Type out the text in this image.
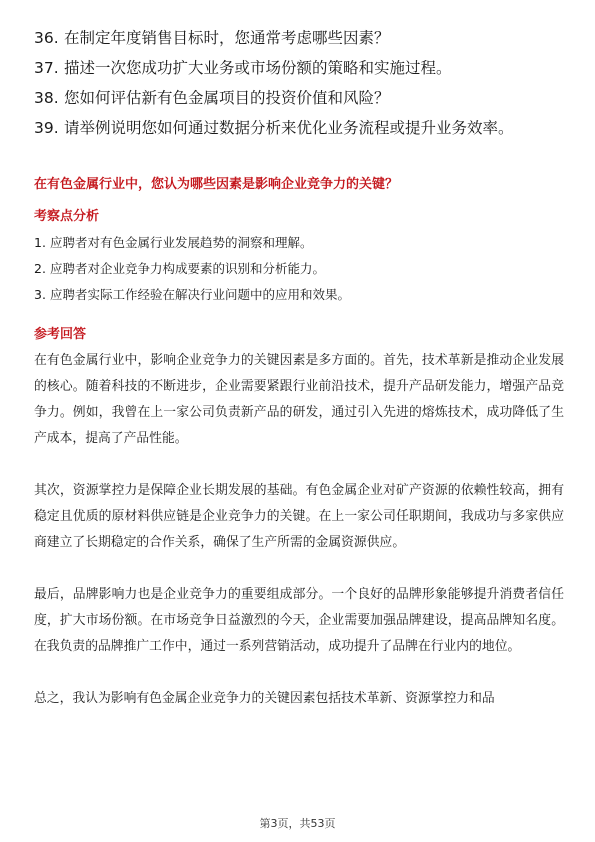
36. 在制定年度销售目标时，您通常考虑哪些因素？
37. 描述一次您成功扩大业务或市场份额的策略和实施过程。
38. 您如何评估新有色金属项目的投资价值和风险？
39. 请举例说明您如何通过数据分析来优化业务流程或提升业务效率。
在有色金属行业中，您认为哪些因素是影响企业竞争力的关键？
考察点分析
1. 应聘者对有色金属行业发展趋势的洞察和理解。
2. 应聘者对企业竞争力构成要素的识别和分析能力。
3. 应聘者实际工作经验在解决行业问题中的应用和效果。
参考回答

在有色金属行业中，影响企业竞争力的关键因素是多方面的。首先，技术革新是推动企业发展的核心。随着科技的不断进步，企业需要紧跟行业前沿技术，提升产品研发能力，增强产品竞争力。例如，我曾在上一家公司负责新产品的研发，通过引入先进的熔炼技术，成功降低了生产成本，提高了产品性能。

其次，资源掌控力是保障企业长期发展的基础。有色金属企业对矿产资源的依赖性较高，拥有稳定且优质的原材料供应链是企业竞争力的关键。在上一家公司任职期间，我成功与多家供应商建立了长期稳定的合作关系，确保了生产所需的金属资源供应。

最后，品牌影响力也是企业竞争力的重要组成部分。一个良好的品牌形象能够提升消费者信任度，扩大市场份额。在市场竞争日益激烈的今天，企业需要加强品牌建设，提高品牌知名度。在我负责的品牌推广工作中，通过一系列营销活动，成功提升了品牌在行业内的地位。

总之，我认为影响有色金属企业竞争力的关键因素包括技术革新、资源掌控力和品

第3页，共53页
